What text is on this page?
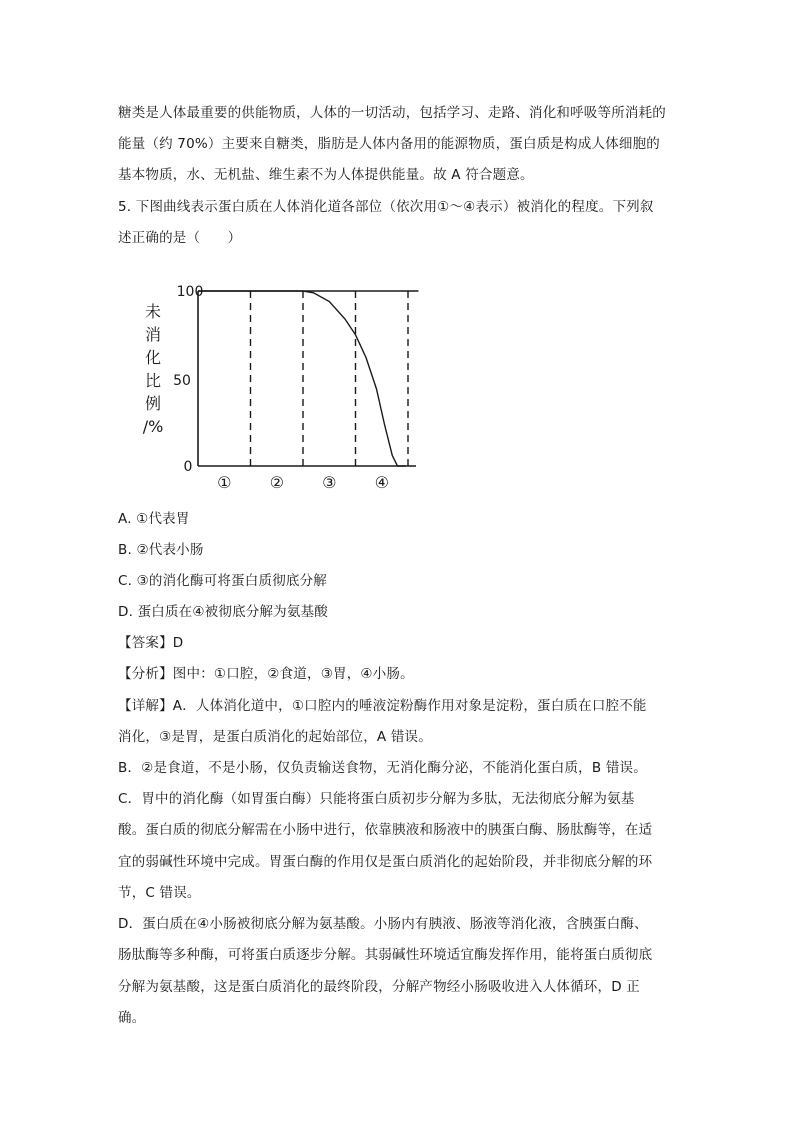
糖类是人体最重要的供能物质，人体的一切活动，包括学习、走路、消化和呼吸等所消耗的

能量（约 70%）主要来自糖类，脂肪是人体内备用的能源物质，蛋白质是构成人体细胞的

基本物质，水、无机盐、维生素不为人体提供能量。故 A 符合题意。

5. 下图曲线表示蛋白质在人体消化道各部位（依次用①～④表示）被消化的程度。下列叙

述正确的是（　　）

未
消
化
比
例
/%
100
50
0
① ② ③ ④

A. ①代表胃

B. ②代表小肠

C. ③的消化酶可将蛋白质彻底分解

D. 蛋白质在④被彻底分解为氨基酸

【答案】D

【分析】图中：①口腔，②食道，③胃，④小肠。

【详解】A．人体消化道中，①口腔内的唾液淀粉酶作用对象是淀粉，蛋白质在口腔不能

消化，③是胃，是蛋白质消化的起始部位，A 错误。

B．②是食道，不是小肠，仅负责输送食物，无消化酶分泌，不能消化蛋白质，B 错误。

C．胃中的消化酶（如胃蛋白酶）只能将蛋白质初步分解为多肽，无法彻底分解为氨基

酸。蛋白质的彻底分解需在小肠中进行，依靠胰液和肠液中的胰蛋白酶、肠肽酶等，在适

宜的弱碱性环境中完成。胃蛋白酶的作用仅是蛋白质消化的起始阶段，并非彻底分解的环

节，C 错误。

D．蛋白质在④小肠被彻底分解为氨基酸。小肠内有胰液、肠液等消化液，含胰蛋白酶、

肠肽酶等多种酶，可将蛋白质逐步分解。其弱碱性环境适宜酶发挥作用，能将蛋白质彻底

分解为氨基酸，这是蛋白质消化的最终阶段，分解产物经小肠吸收进入人体循环，D 正

确。
